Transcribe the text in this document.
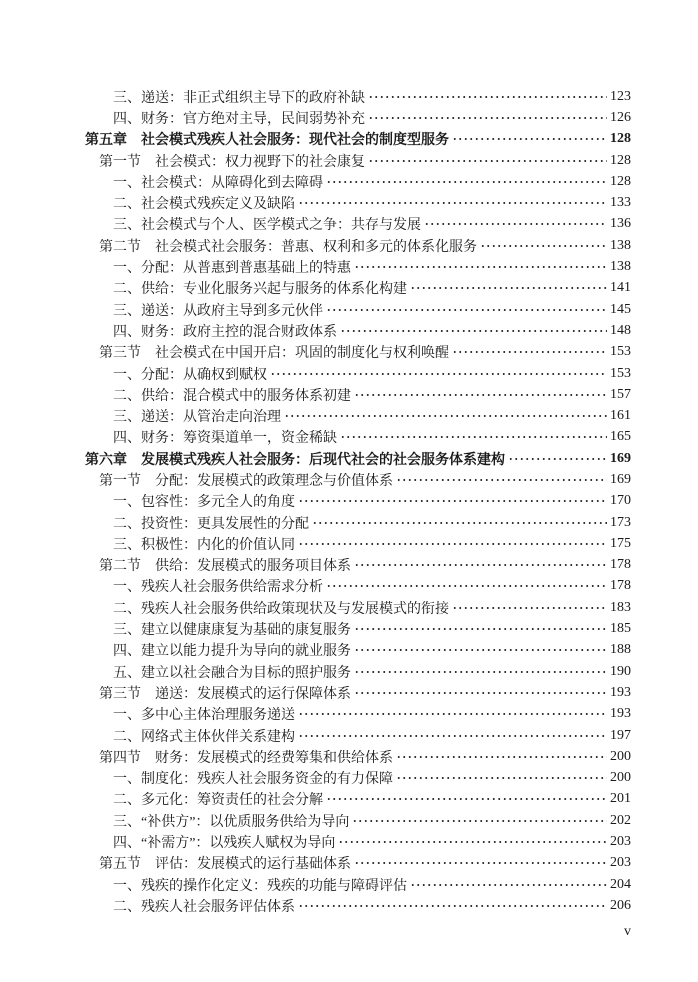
三、递送：非正式组织主导下的政府补缺	123
四、财务：官方绝对主导，民间弱势补充	126
第五章　社会模式残疾人社会服务：现代社会的制度型服务	128
第一节　社会模式：权力视野下的社会康复	128
一、社会模式：从障碍化到去障碍	128
二、社会模式残疾定义及缺陷	133
三、社会模式与个人、医学模式之争：共存与发展	136
第二节　社会模式社会服务：普惠、权利和多元的体系化服务	138
一、分配：从普惠到普惠基础上的特惠	138
二、供给：专业化服务兴起与服务的体系化构建	141
三、递送：从政府主导到多元伙伴	145
四、财务：政府主控的混合财政体系	148
第三节　社会模式在中国开启：巩固的制度化与权利唤醒	153
一、分配：从确权到赋权	153
二、供给：混合模式中的服务体系初建	157
三、递送：从管治走向治理	161
四、财务：筹资渠道单一，资金稀缺	165
第六章　发展模式残疾人社会服务：后现代社会的社会服务体系建构	169
第一节　分配：发展模式的政策理念与价值体系	169
一、包容性：多元全人的角度	170
二、投资性：更具发展性的分配	173
三、积极性：内化的价值认同	175
第二节　供给：发展模式的服务项目体系	178
一、残疾人社会服务供给需求分析	178
二、残疾人社会服务供给政策现状及与发展模式的衔接	183
三、建立以健康康复为基础的康复服务	185
四、建立以能力提升为导向的就业服务	188
五、建立以社会融合为目标的照护服务	190
第三节　递送：发展模式的运行保障体系	193
一、多中心主体治理服务递送	193
二、网络式主体伙伴关系建构	197
第四节　财务：发展模式的经费筹集和供给体系	200
一、制度化：残疾人社会服务资金的有力保障	200
二、多元化：筹资责任的社会分解	201
三、“补供方”：以优质服务供给为导向	202
四、“补需方”：以残疾人赋权为导向	203
第五节　评估：发展模式的运行基础体系	203
一、残疾的操作化定义：残疾的功能与障碍评估	204
二、残疾人社会服务评估体系	206
v
